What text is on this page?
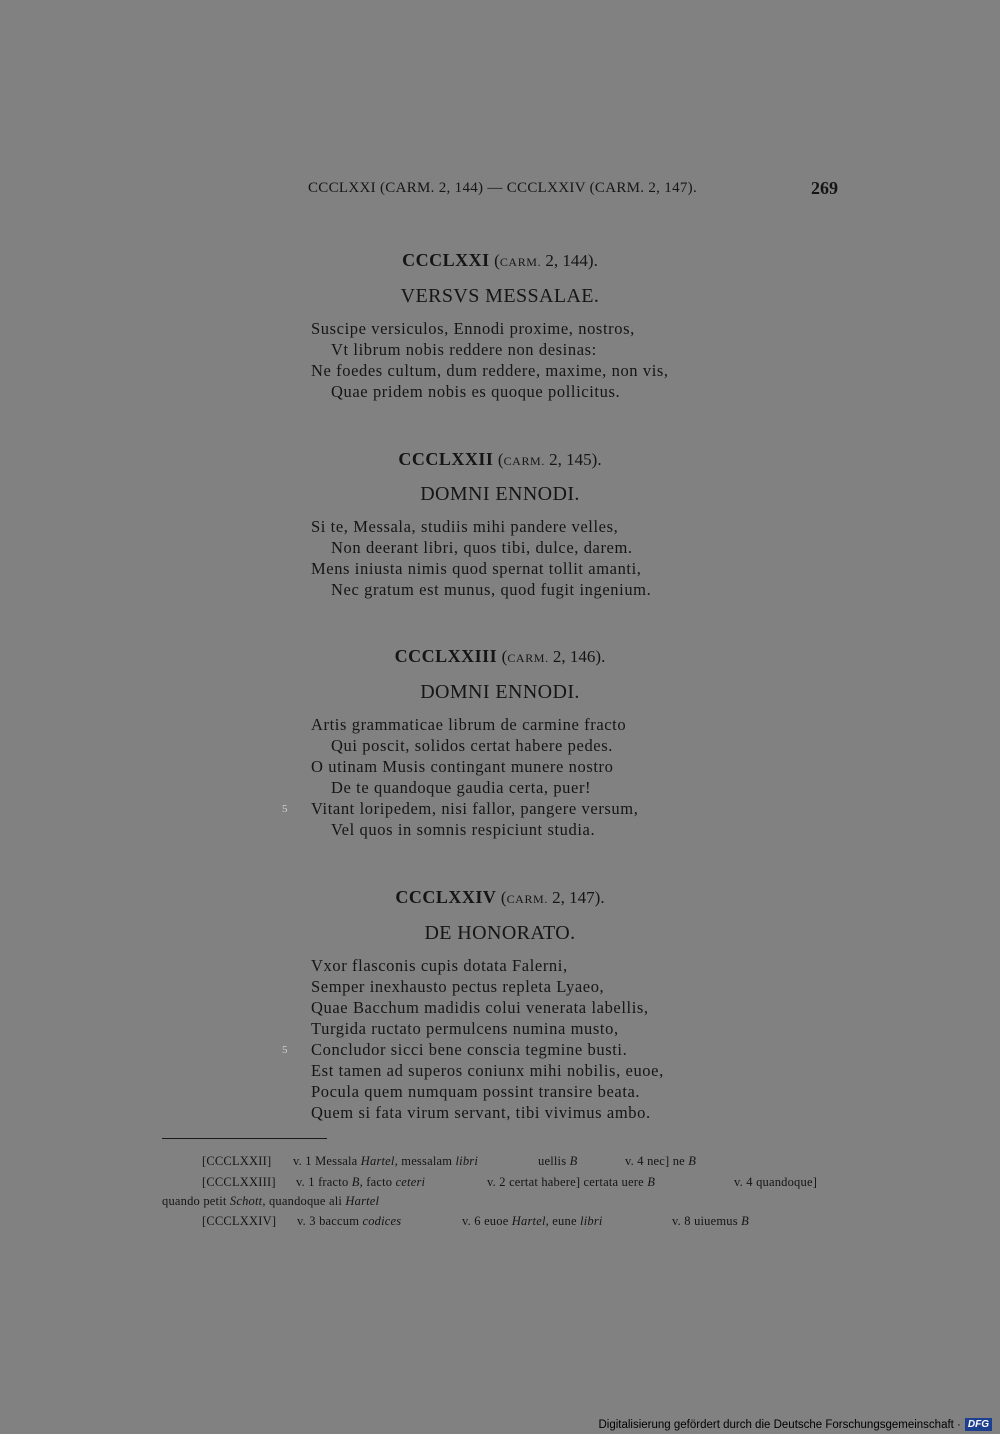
CCCLXXI (CARM. 2, 144) — CCCLXXIV (CARM. 2, 147).	269
CCCLXXI (CARM. 2, 144).
VERSVS MESSALAE.
Suscipe versiculos, Ennodi proxime, nostros,
Vt librum nobis reddere non desinas:
Ne foedes cultum, dum reddere, maxime, non vis,
Quae pridem nobis es quoque pollicitus.
CCCLXXII (CARM. 2, 145).
DOMNI ENNODI.
Si te, Messala, studiis mihi pandere velles,
Non deerant libri, quos tibi, dulce, darem.
Mens iniusta nimis quod spernat tollit amanti,
Nec gratum est munus, quod fugit ingenium.
CCCLXXIII (CARM. 2, 146).
DOMNI ENNODI.
Artis grammaticae librum de carmine fracto
Qui poscit, solidos certat habere pedes.
O utinam Musis contingant munere nostro
De te quandoque gaudia certa, puer!
5 Vitant loripedem, nisi fallor, pangere versum,
Vel quos in somnis respiciunt studia.
CCCLXXIV (CARM. 2, 147).
DE HONORATO.
Vxor flasconis cupis dotata Falerni,
Semper inexhausto pectus repleta Lyaeo,
Quae Bacchum madidis colui venerata labellis,
Turgida ructato permulcens numina musto,
5 Concludor sicci bene conscia tegmine busti.
Est tamen ad superos coniunx mihi nobilis, euoe,
Pocula quem numquam possint transire beata.
Quem si fata virum servant, tibi vivimus ambo.
[CCCLXXII] v. 1 Messala Hartel, messalam libri	uellis B	v. 4 nec] ne B
[CCCLXXIII] v. 1 fracto B, facto ceteri	v. 2 certat habere] certata uere B	v. 4 quandoque]
quando petit Schott, quandoque ali Hartel
[CCCLXXIV] v. 3 baccum codices	v. 6 euoe Hartel, eune libri	v. 8 uiuemus B
Digitalisierung gefördert durch die Deutsche Forschungsgemeinschaft · DFG
